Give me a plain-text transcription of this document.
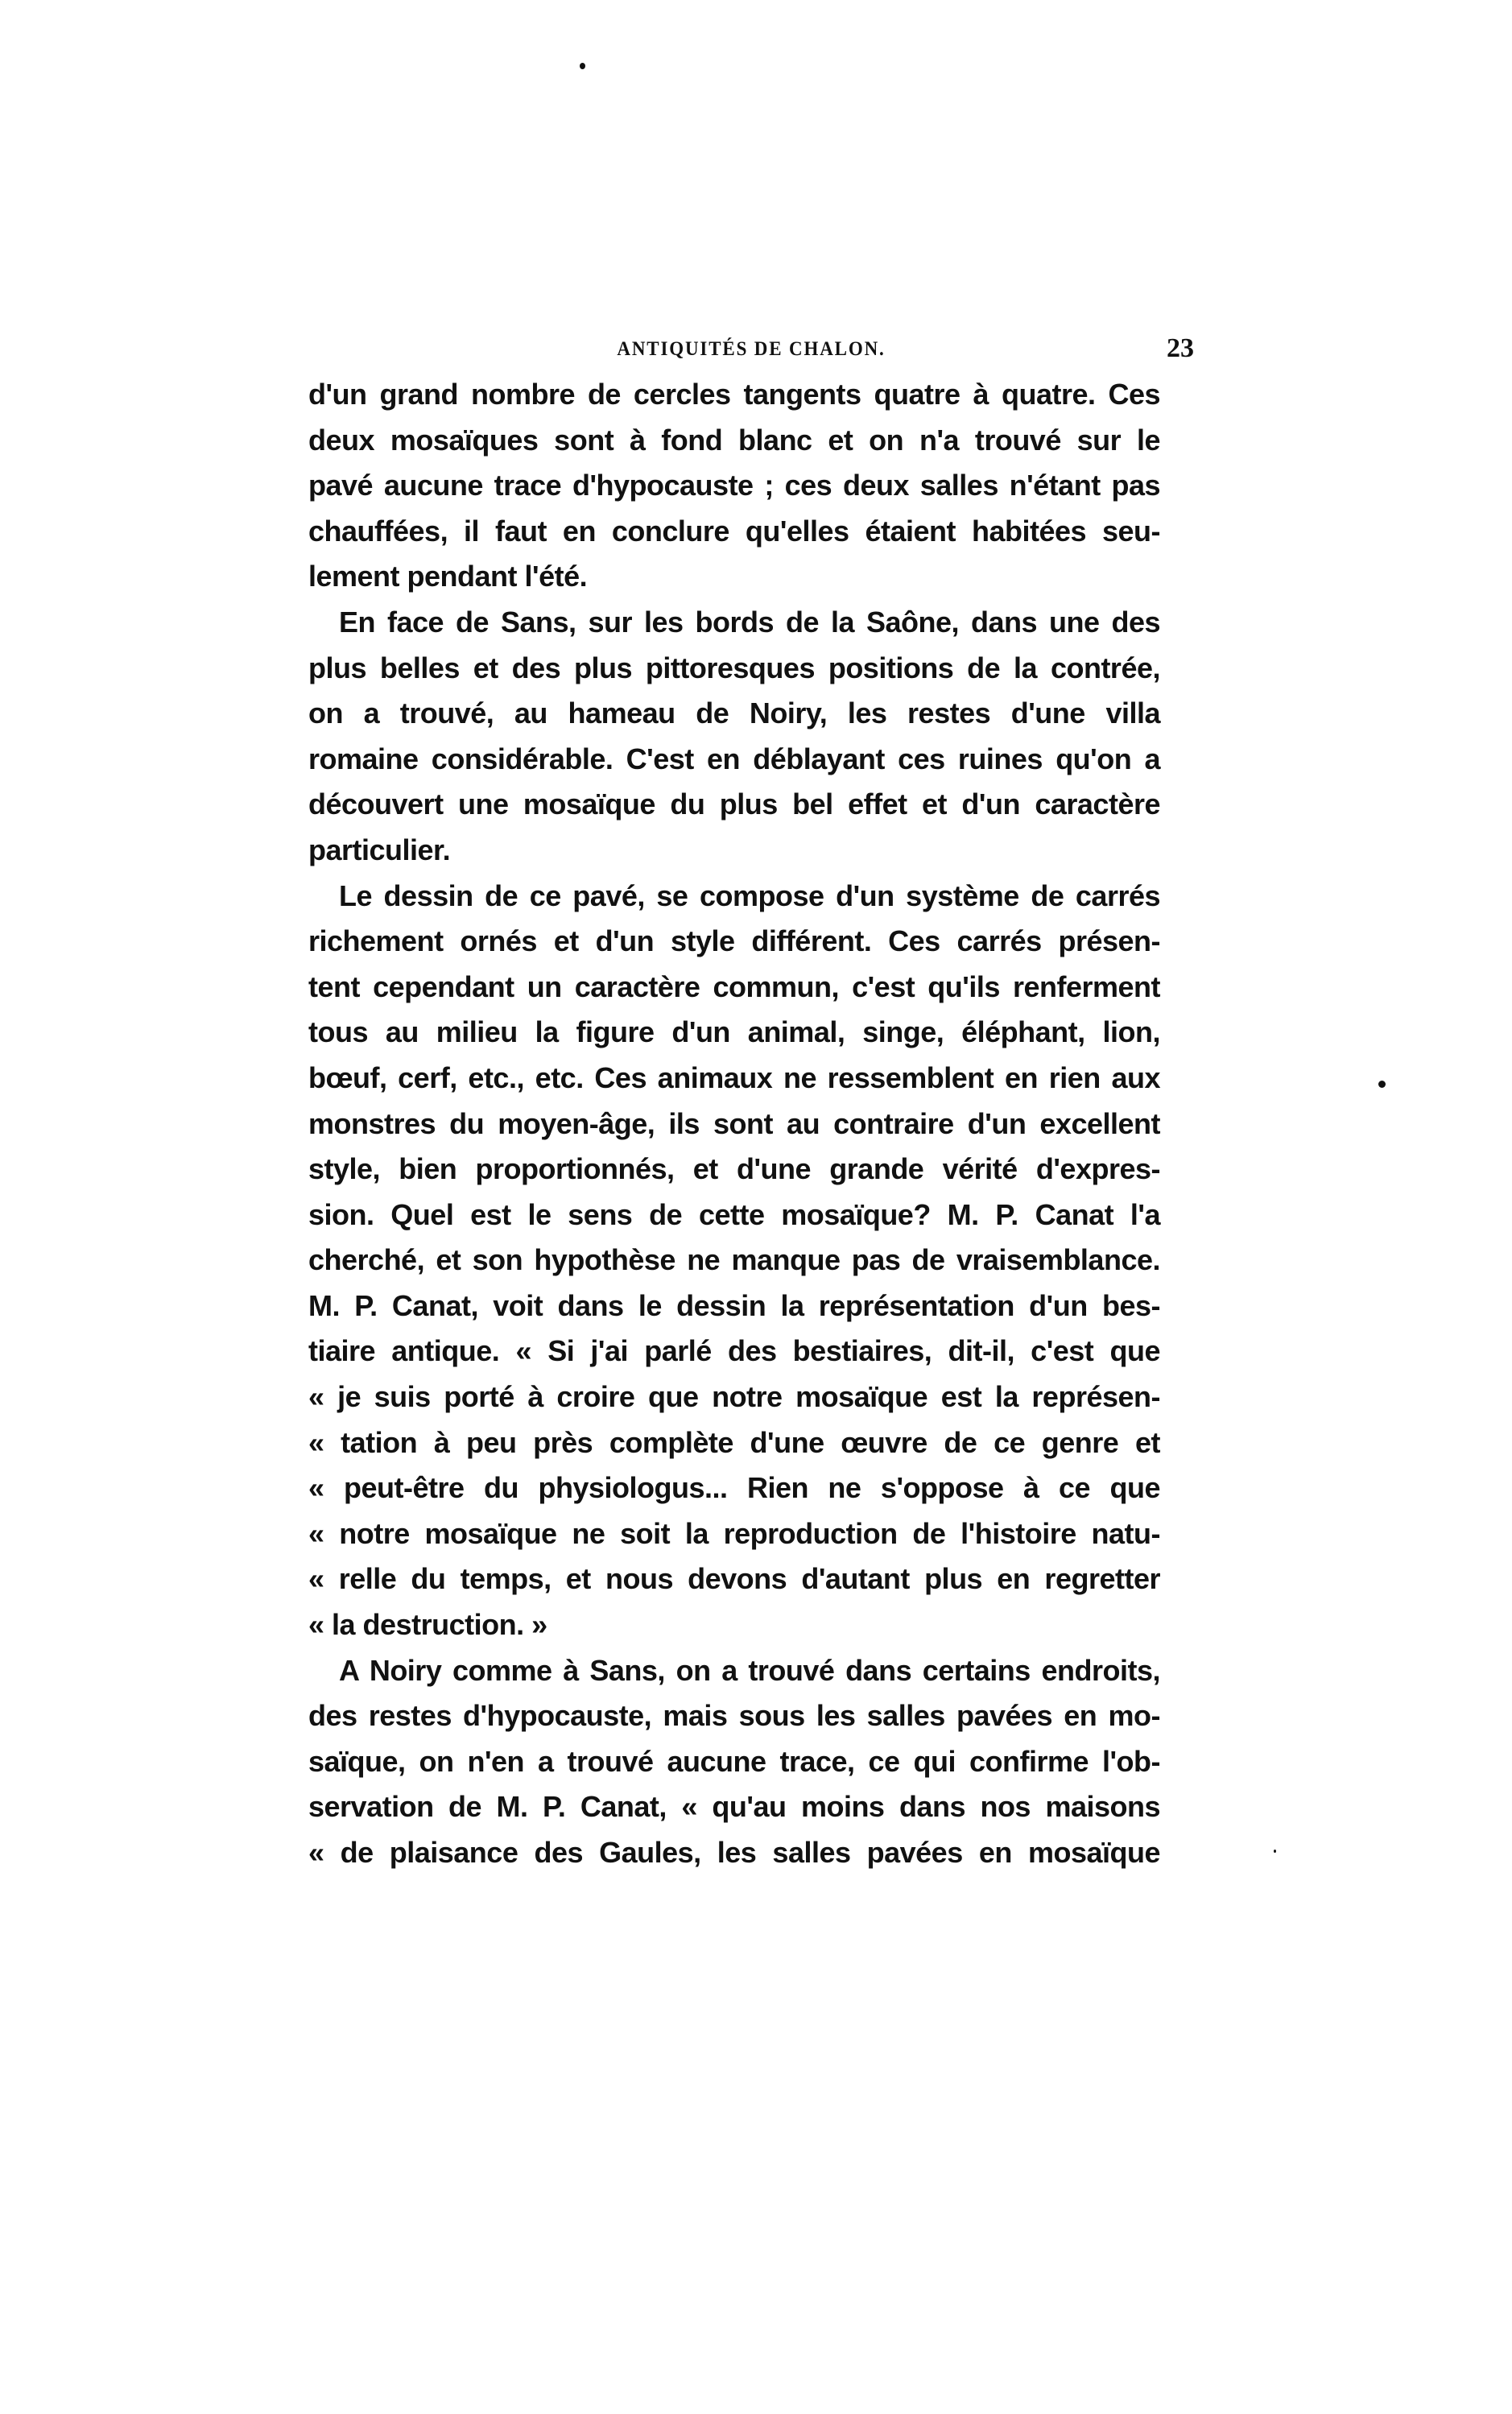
ANTIQUITÉS DE CHALON.	23
d'un grand nombre de cercles tangents quatre à quatre. Ces
deux mosaïques sont à fond blanc et on n'a trouvé sur le
pavé aucune trace d'hypocauste ; ces deux salles n'étant pas
chauffées, il faut en conclure qu'elles étaient habitées seu-
lement pendant l'été.
En face de Sans, sur les bords de la Saône, dans une des
plus belles et des plus pittoresques positions de la contrée,
on a trouvé, au hameau de Noiry, les restes d'une villa
romaine considérable. C'est en déblayant ces ruines qu'on a
découvert une mosaïque du plus bel effet et d'un caractère
particulier.
Le dessin de ce pavé, se compose d'un système de carrés
richement ornés et d'un style différent. Ces carrés présen-
tent cependant un caractère commun, c'est qu'ils renferment
tous au milieu la figure d'un animal, singe, éléphant, lion,
bœuf, cerf, etc., etc. Ces animaux ne ressemblent en rien aux
monstres du moyen-âge, ils sont au contraire d'un excellent
style, bien proportionnés, et d'une grande vérité d'expres-
sion. Quel est le sens de cette mosaïque? M. P. Canat l'a
cherché, et son hypothèse ne manque pas de vraisemblance.
M. P. Canat, voit dans le dessin la représentation d'un bes-
tiaire antique. « Si j'ai parlé des bestiaires, dit-il, c'est que
« je suis porté à croire que notre mosaïque est la représen-
« tation à peu près complète d'une œuvre de ce genre et
« peut-être du physiologus... Rien ne s'oppose à ce que
« notre mosaïque ne soit la reproduction de l'histoire natu-
« relle du temps, et nous devons d'autant plus en regretter
« la destruction. »
A Noiry comme à Sans, on a trouvé dans certains endroits,
des restes d'hypocauste, mais sous les salles pavées en mo-
saïque, on n'en a trouvé aucune trace, ce qui confirme l'ob-
servation de M. P. Canat, « qu'au moins dans nos maisons
« de plaisance des Gaules, les salles pavées en mosaïque
